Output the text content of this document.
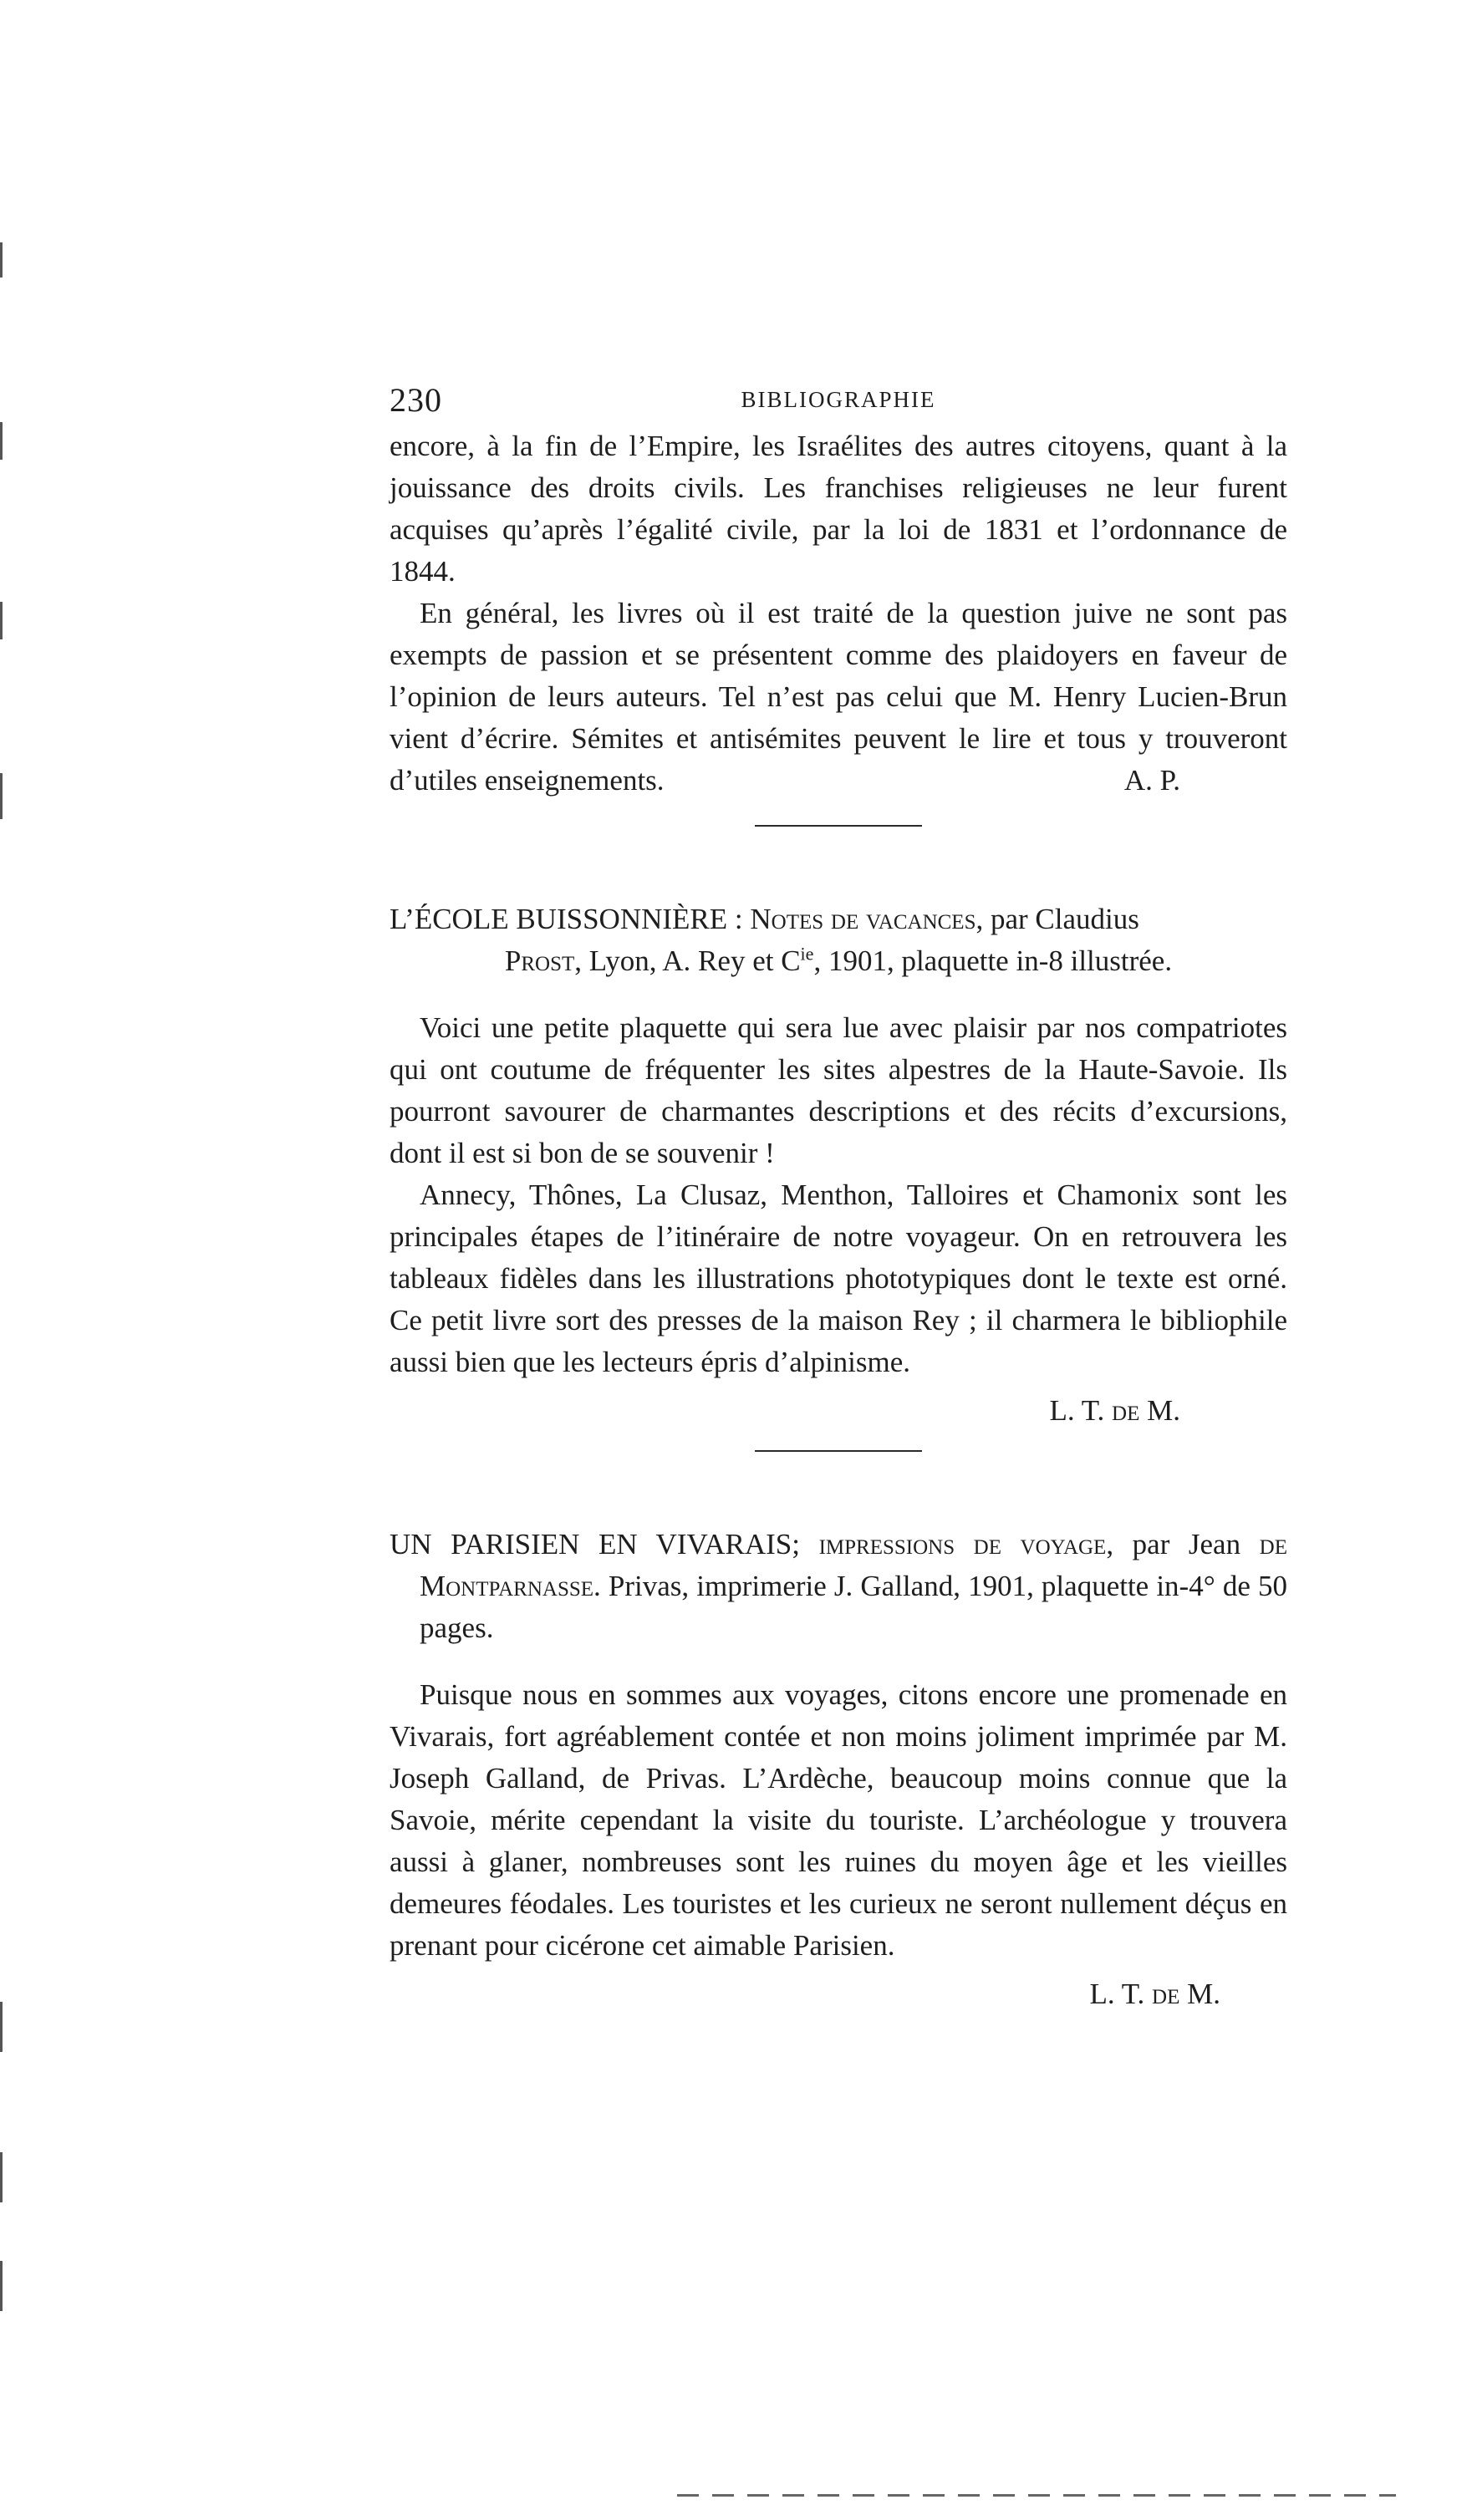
230	BIBLIOGRAPHIE

encore, à la fin de l’Empire, les Israélites des autres citoyens, quant à la jouissance des droits civils. Les franchises religieuses ne leur furent acquises qu’après l’égalité civile, par la loi de 1831 et l’ordonnance de 1844.

En général, les livres où il est traité de la question juive ne sont pas exempts de passion et se présentent comme des plaidoyers en faveur de l’opinion de leurs auteurs. Tel n’est pas celui que M. Henry Lucien-Brun vient d’écrire. Sémites et antisémites peuvent le lire et tous y trouveront d’utiles enseignements.	A. P.

L’ÉCOLE BUISSONNIÈRE : Notes de vacances, par Claudius

Prost, Lyon, A. Rey et $C^{ie}$, 1901, plaquette in-8 illustrée.

Voici une petite plaquette qui sera lue avec plaisir par nos compatriotes qui ont coutume de fréquenter les sites alpestres de la Haute-Savoie. Ils pourront savourer de charmantes descriptions et des récits d’excursions, dont il est si bon de se souvenir !

Annecy, Thônes, La Clusaz, Menthon, Talloires et Chamonix sont les principales étapes de l’itinéraire de notre voyageur. On en retrouvera les tableaux fidèles dans les illustrations phototypiques dont le texte est orné. Ce petit livre sort des presses de la maison Rey ; il charmera le bibliophile aussi bien que les lecteurs épris d’alpinisme.

L. T. de M.

UN PARISIEN EN VIVARAIS; impressions de voyage, par Jean de Montparnasse. Privas, imprimerie J. Galland, 1901, plaquette in-4° de 50 pages.

Puisque nous en sommes aux voyages, citons encore une promenade en Vivarais, fort agréablement contée et non moins joliment imprimée par M. Joseph Galland, de Privas. L’Ardèche, beaucoup moins connue que la Savoie, mérite cependant la visite du touriste. L’archéologue y trouvera aussi à glaner, nombreuses sont les ruines du moyen âge et les vieilles demeures féodales. Les touristes et les curieux ne seront nullement déçus en prenant pour cicérone cet aimable Parisien.

L. T. de M.
